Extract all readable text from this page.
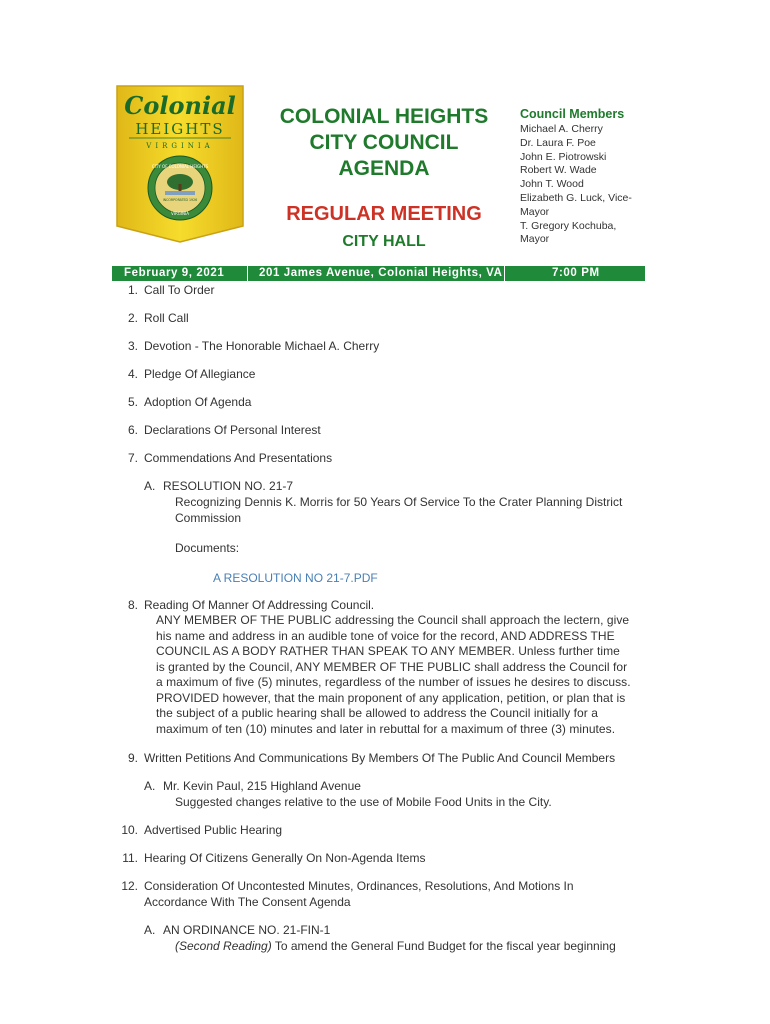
Colonial
HEIGHTS
VIRGINIA
CITY OF COLONIAL HEIGHTS
INCORPORATED 1926
VIRGINIA
COLONIAL HEIGHTS
CITY COUNCIL
AGENDA
REGULAR MEETING
CITY HALL
Council Members
Michael A. Cherry
Dr. Laura F. Poe
John E. Piotrowski
Robert W. Wade
John T. Wood
Elizabeth G. Luck, Vice-
Mayor
T. Gregory Kochuba,
Mayor
February 9, 2021	201 James Avenue, Colonial Heights, VA	7:00 PM
1. Call To Order
2. Roll Call
3. Devotion - The Honorable Michael A. Cherry
4. Pledge Of Allegiance
5. Adoption Of Agenda
6. Declarations Of Personal Interest
7. Commendations And Presentations
A. RESOLUTION NO. 21-7
Recognizing Dennis K. Morris for 50 Years Of Service To the Crater Planning District
Commission
Documents:
A RESOLUTION NO 21-7.PDF
8. Reading Of Manner Of Addressing Council.
ANY MEMBER OF THE PUBLIC addressing the Council shall approach the lectern, give
his name and address in an audible tone of voice for the record, AND ADDRESS THE
COUNCIL AS A BODY RATHER THAN SPEAK TO ANY MEMBER. Unless further time
is granted by the Council, ANY MEMBER OF THE PUBLIC shall address the Council for
a maximum of five (5) minutes, regardless of the number of issues he desires to discuss.
PROVIDED however, that the main proponent of any application, petition, or plan that is
the subject of a public hearing shall be allowed to address the Council initially for a
maximum of ten (10) minutes and later in rebuttal for a maximum of three (3) minutes.
9. Written Petitions And Communications By Members Of The Public And Council Members
A. Mr. Kevin Paul, 215 Highland Avenue
Suggested changes relative to the use of Mobile Food Units in the City.
10. Advertised Public Hearing
11. Hearing Of Citizens Generally On Non-Agenda Items
12. Consideration Of Uncontested Minutes, Ordinances, Resolutions, And Motions In
Accordance With The Consent Agenda
A. AN ORDINANCE NO. 21-FIN-1
(Second Reading) To amend the General Fund Budget for the fiscal year beginning
